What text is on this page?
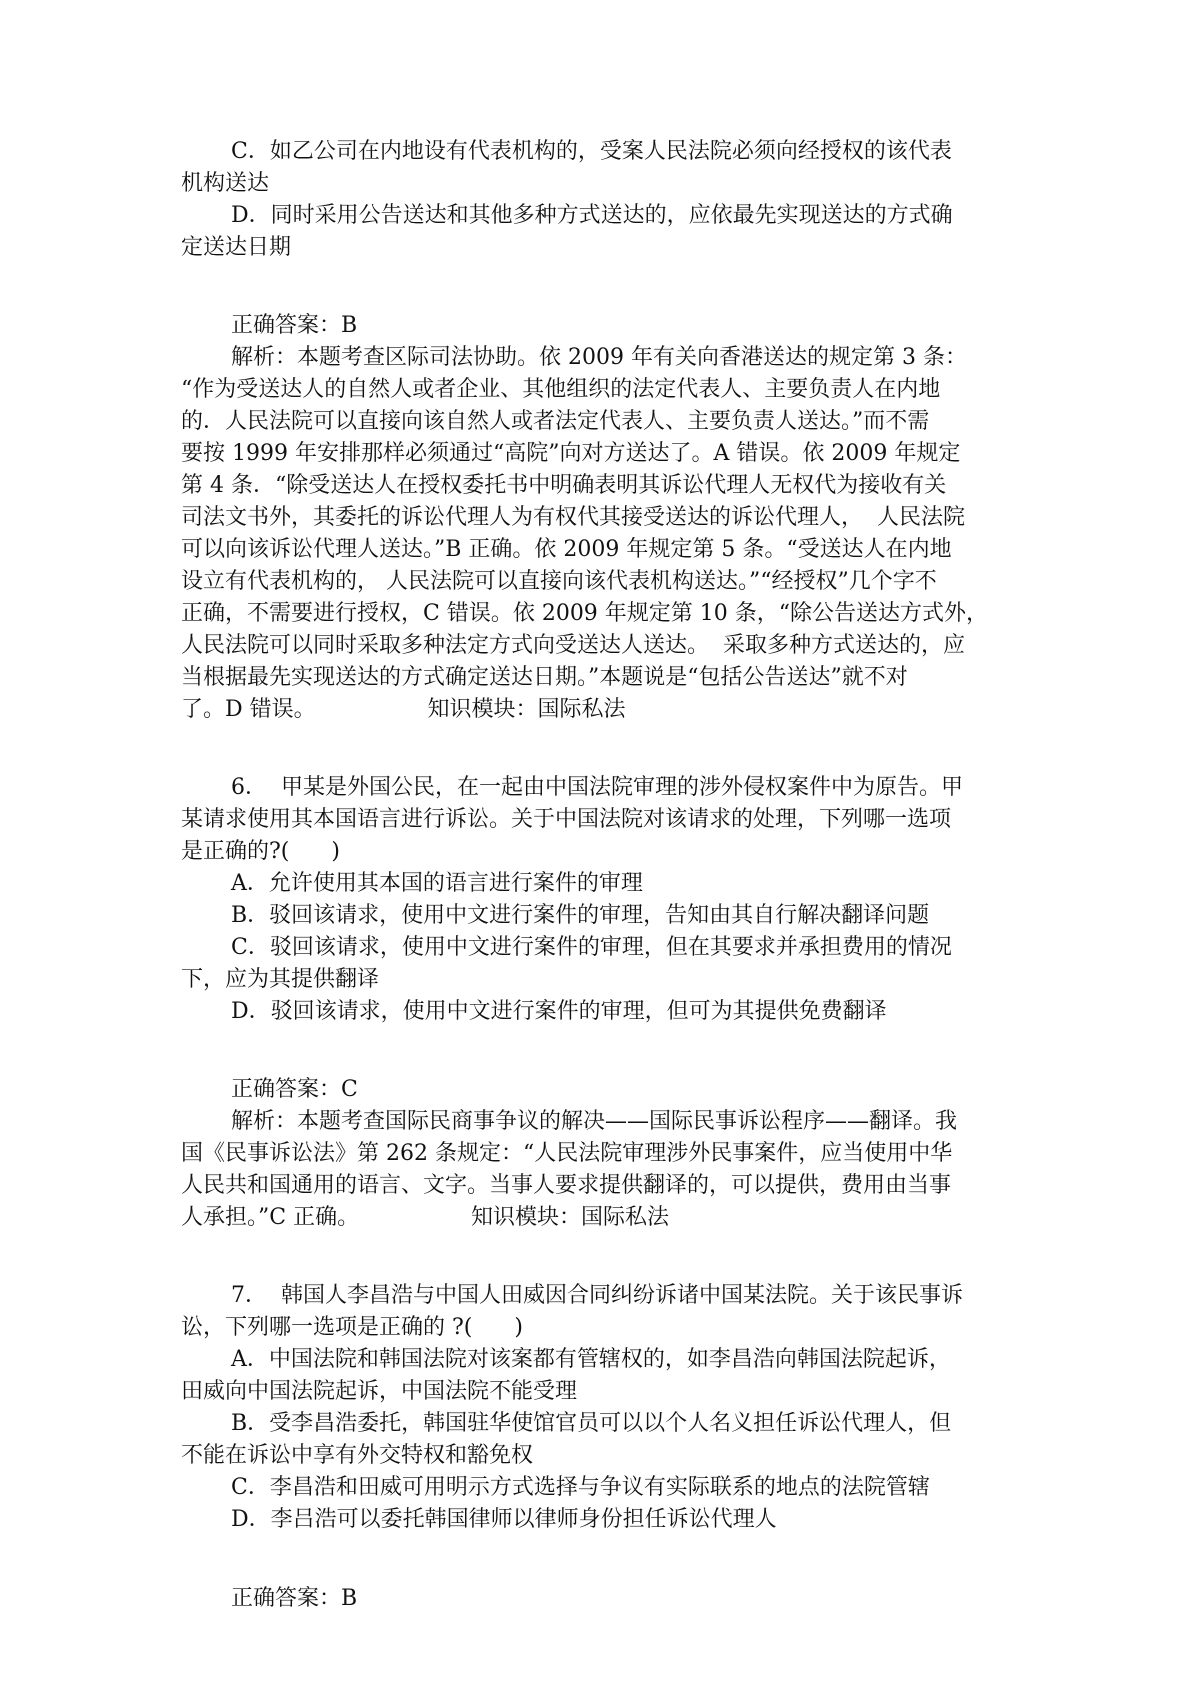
C．如乙公司在内地设有代表机构的，受案人民法院必须向经授权的该代表
机构送达
D．同时采用公告送达和其他多种方式送达的，应依最先实现送达的方式确
定送达日期
正确答案：B
解析：本题考查区际司法协助。依 2009 年有关向香港送达的规定第 3 条：
“作为受送达人的自然人或者企业、其他组织的法定代表人、主要负责人在内地
的．人民法院可以直接向该自然人或者法定代表人、主要负责人送达。”而不需
要按 1999 年安排那样必须通过“高院”向对方送达了。A 错误。依 2009 年规定
第 4 条．“除受送达人在授权委托书中明确表明其诉讼代理人无权代为接收有关
司法文书外，其委托的诉讼代理人为有权代其接受送达的诉讼代理人，  人民法院
可以向该诉讼代理人送达。”B 正确。依 2009 年规定第 5 条。“受送达人在内地
设立有代表机构的， 人民法院可以直接向该代表机构送达。”“经授权”几个字不
正确，不需要进行授权，C 错误。依 2009 年规定第 10 条，“除公告送达方式外，
人民法院可以同时采取多种法定方式向受送达人送达。  采取多种方式送达的，应
当根据最先实现送达的方式确定送达日期。”本题说是“包括公告送达”就不对
了。D 错误。                知识模块：国际私法
6．  甲某是外国公民，在一起由中国法院审理的涉外侵权案件中为原告。甲
某请求使用其本国语言进行诉讼。关于中国法院对该请求的处理，下列哪一选项
是正确的?(      )
A．允许使用其本国的语言进行案件的审理
B．驳回该请求，使用中文进行案件的审理，告知由其自行解决翻译问题
C．驳回该请求，使用中文进行案件的审理，但在其要求并承担费用的情况
下，应为其提供翻译
D．驳回该请求，使用中文进行案件的审理，但可为其提供免费翻译
正确答案：C
解析：本题考查国际民商事争议的解决——国际民事诉讼程序——翻译。我
国《民事诉讼法》第 262 条规定：“人民法院审理涉外民事案件，应当使用中华
人民共和国通用的语言、文字。当事人要求提供翻译的，可以提供，费用由当事
人承担。”C 正确。                知识模块：国际私法
7．  韩国人李昌浩与中国人田威因合同纠纷诉诸中国某法院。关于该民事诉
讼，下列哪一选项是正确的 ?(      )
A．中国法院和韩国法院对该案都有管辖权的，如李昌浩向韩国法院起诉，
田威向中国法院起诉，中国法院不能受理
B．受李昌浩委托，韩国驻华使馆官员可以以个人名义担任诉讼代理人，但
不能在诉讼中享有外交特权和豁免权
C．李昌浩和田威可用明示方式选择与争议有实际联系的地点的法院管辖
D．李吕浩可以委托韩国律师以律师身份担任诉讼代理人
正确答案：B
